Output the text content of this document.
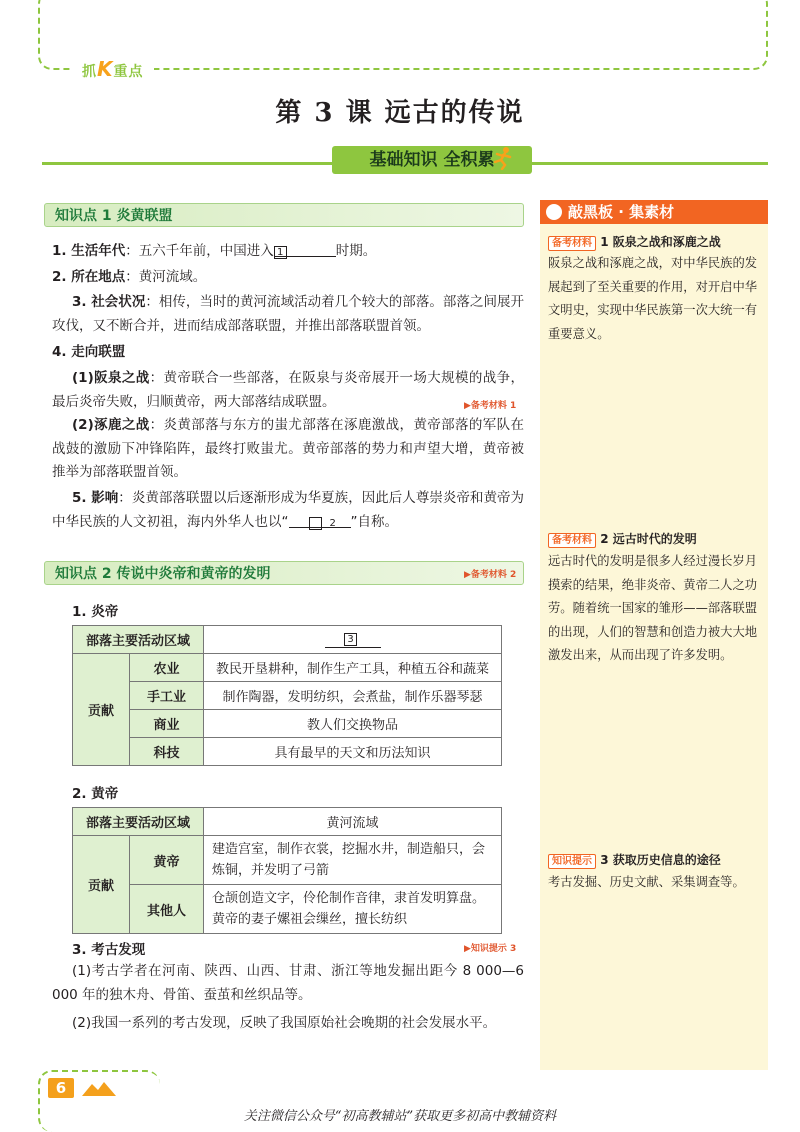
抓K重点
第 3 课 远古的传说
基础知识 全积累
知识点 1 炎黄联盟
1. 生活年代：五六千年前，中国进入 1	时期。
2. 所在地点：黄河流域。
3. 社会状况：相传，当时的黄河流域活动着几个较大的部落。部落之间展开攻伐，又不断合并，进而结成部落联盟，并推出部落联盟首领。
4. 走向联盟
(1)阪泉之战：黄帝联合一些部落，在阪泉与炎帝展开一场大规模的战争，最后炎帝失败，归顺黄帝，两大部落结成联盟。	▶备考材料 1
(2)涿鹿之战：炎黄部落与东方的蚩尤部落在涿鹿激战，黄帝部落的军队在战鼓的激励下冲锋陷阵，最终打败蚩尤。黄帝部落的势力和声望大增，黄帝被推举为部落联盟首领。
5. 影响：炎黄部落联盟以后逐渐形成为华夏族，因此后人尊崇炎帝和黄帝为中华民族的人文初祖，海内外华人也以“	2 ”自称。
知识点 2 传说中炎帝和黄帝的发明	▶备考材料 2
1. 炎帝
部落主要活动区域		3
贡献	农业	教民开垦耕种，制作生产工具，种植五谷和蔬菜
	手工业	制作陶器，发明纺织，会煮盐，制作乐器琴瑟
	商业	教人们交换物品
	科技	具有最早的天文和历法知识
2. 黄帝
部落主要活动区域		黄河流域
贡献	黄帝	建造宫室，制作衣裳，挖掘水井，制造船只，会炼铜，并发明了弓箭
	其他人	仓颉创造文字，伶伦制作音律，隶首发明算盘。黄帝的妻子嫘祖会缫丝，擅长纺织
3. 考古发现	▶知识提示 3
(1)考古学者在河南、陕西、山西、甘肃、浙江等地发掘出距今 8 000—6 000 年的独木舟、骨笛、蚕茧和丝织品等。
(2)我国一系列的考古发现，反映了我国原始社会晚期的社会发展水平。
敲黑板 · 集素材
备考材料 1 阪泉之战和涿鹿之战
阪泉之战和涿鹿之战，对中华民族的发展起到了至关重要的作用，对开启中华文明史，实现中华民族第一次大统一有重要意义。
备考材料 2 远古时代的发明
远古时代的发明是很多人经过漫长岁月摸索的结果，绝非炎帝、黄帝二人之功劳。随着统一国家的雏形——部落联盟的出现，人们的智慧和创造力被大大地激发出来，从而出现了许多发明。
知识提示 3 获取历史信息的途径
考古发掘、历史文献、采集调查等。
6
关注微信公众号“初高教辅站”获取更多初高中教辅资料
